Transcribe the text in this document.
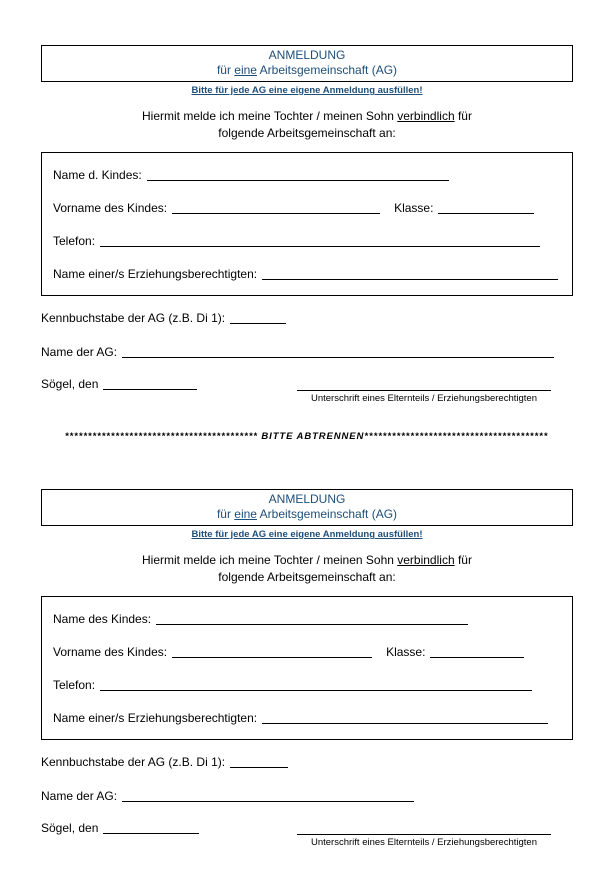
ANMELDUNG
für eine Arbeitsgemeinschaft (AG)
Bitte für jede AG eine eigene Anmeldung ausfüllen!
Hiermit melde ich meine Tochter / meinen Sohn verbindlich für
folgende Arbeitsgemeinschaft an:
Name d. Kindes:
Vorname des Kindes:	Klasse:
Telefon:
Name einer/s Erziehungsberechtigten:
Kennbuchstabe der AG (z.B. Di 1):
Name der AG:
Sögel, den
Unterschrift eines Elternteils / Erziehungsberechtigten
****************************************** BITTE ABTRENNEN****************************************
ANMELDUNG
für eine Arbeitsgemeinschaft (AG)
Bitte für jede AG eine eigene Anmeldung ausfüllen!
Hiermit melde ich meine Tochter / meinen Sohn verbindlich für
folgende Arbeitsgemeinschaft an:
Name des Kindes:
Vorname des Kindes:	Klasse:
Telefon:
Name einer/s Erziehungsberechtigten:
Kennbuchstabe der AG (z.B. Di 1):
Name der AG:
Sögel, den
Unterschrift eines Elternteils / Erziehungsberechtigten
